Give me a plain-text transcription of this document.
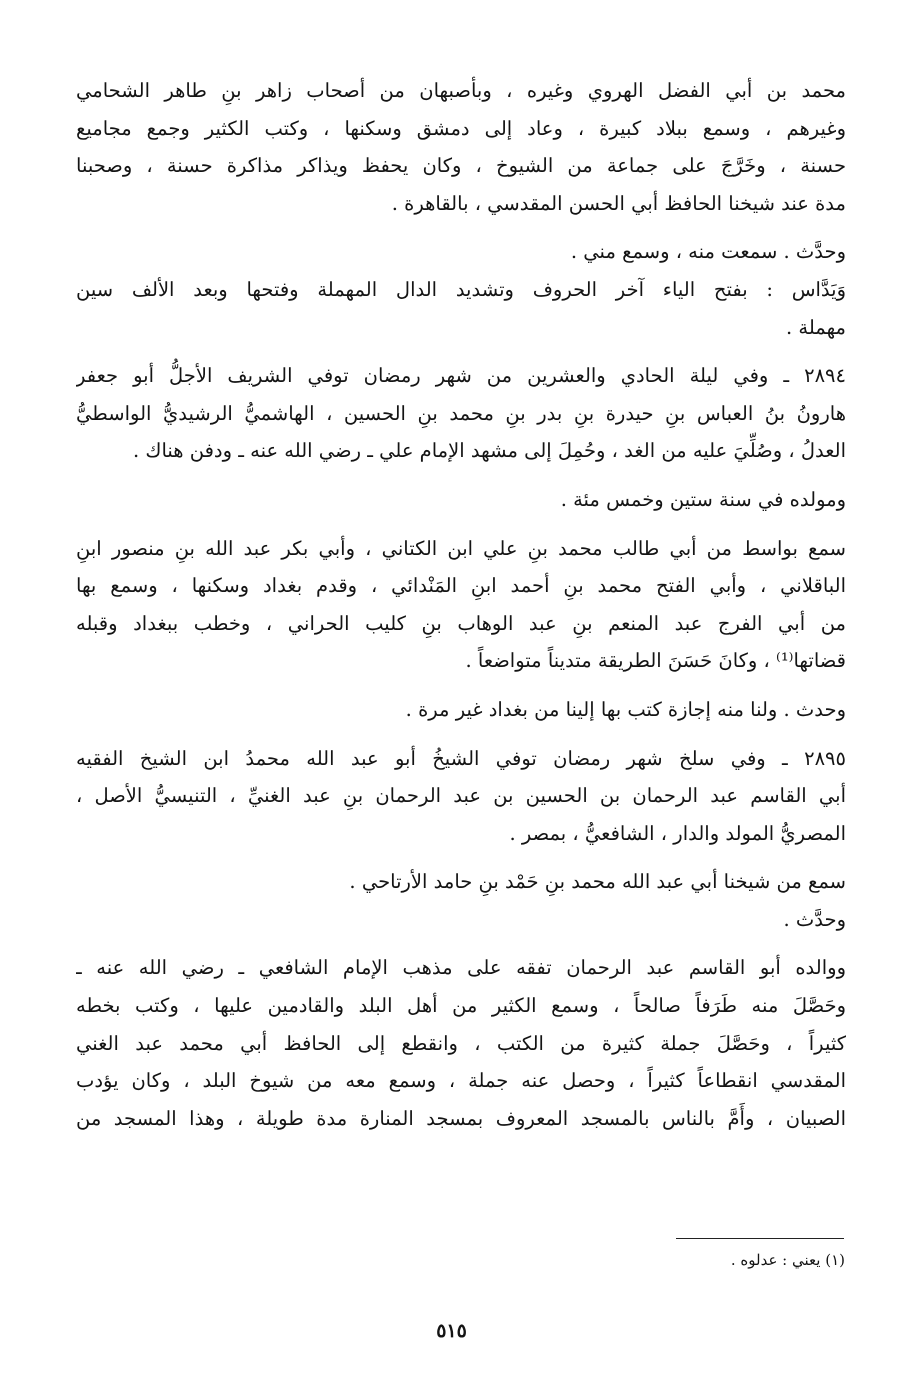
محمد بن أبي الفضل الهروي وغيره ، وبأصبهان من أصحاب زاهر بنِ طاهر الشحامي
وغيرهم ، وسمع ببلاد كبيرة ، وعاد إلى دمشق وسكنها ، وكتب الكثير وجمع مجاميع
حسنة ، وخَرَّجَ على جماعة من الشيوخ ، وكان يحفظ ويذاكر مذاكرة حسنة ، وصحبنا
مدة عند شيخنا الحافظ أبي الحسن المقدسي ، بالقاهرة .
وحدَّث . سمعت منه ، وسمع مني .
وَيَدَّاس : بفتح الياء آخر الحروف وتشديد الدال المهملة وفتحها وبعد الألف سين
مهملة .
٢٨٩٤ ـ وفي ليلة الحادي والعشرين من شهر رمضان توفي الشريف الأجلُّ أبو جعفر
هارونُ بنُ العباس بنِ حيدرة بنِ بدر بنِ محمد بنِ الحسين ، الهاشميُّ الرشيديُّ الواسطيُّ
العدلُ ، وصُلِّيَ عليه من الغد ، وحُمِلَ إلى مشهد الإمام علي ـ رضي الله عنه ـ ودفن هناك .
ومولده في سنة ستين وخمس مئة .
سمع بواسط من أبي طالب محمد بنِ علي ابن الكتاني ، وأبي بكر عبد الله بنِ منصور ابنِ
الباقلاني ، وأبي الفتح محمد بنِ أحمد ابنِ المَنْدائي ، وقدم بغداد وسكنها ، وسمع بها
من أبي الفرج عبد المنعم بنِ عبد الوهاب بنِ كليب الحراني ، وخطب ببغداد وقبله
قضاتها⁽¹⁾ ، وكانَ حَسَنَ الطريقة متديناً متواضعاً .
وحدث . ولنا منه إجازة كتب بها إلينا من بغداد غير مرة .
٢٨٩٥ ـ وفي سلخ شهر رمضان توفي الشيخُ أبو عبد الله محمدُ ابن الشيخ الفقيه
أبي القاسم عبد الرحمان بن الحسين بن عبد الرحمان بنِ عبد الغنيِّ ، التنيسيُّ الأصل ،
المصريُّ المولد والدار ، الشافعيُّ ، بمصر .
سمع من شيخنا أبي عبد الله محمد بنِ حَمْد بنِ حامد الأرتاحي .
وحدَّث .
ووالده أبو القاسم عبد الرحمان تفقه على مذهب الإمام الشافعي ـ رضي الله عنه ـ
وحَصَّلَ منه طَرَفاً صالحاً ، وسمع الكثير من أهل البلد والقادمين عليها ، وكتب بخطه
كثيراً ، وحَصَّلَ جملة كثيرة من الكتب ، وانقطع إلى الحافظ أبي محمد عبد الغني
المقدسي انقطاعاً كثيراً ، وحصل عنه جملة ، وسمع معه من شيوخ البلد ، وكان يؤدب
الصبيان ، وأَمَّ بالناس بالمسجد المعروف بمسجد المنارة مدة طويلة ، وهذا المسجد من
(١) يعني : عدلوه .
٥١٥
